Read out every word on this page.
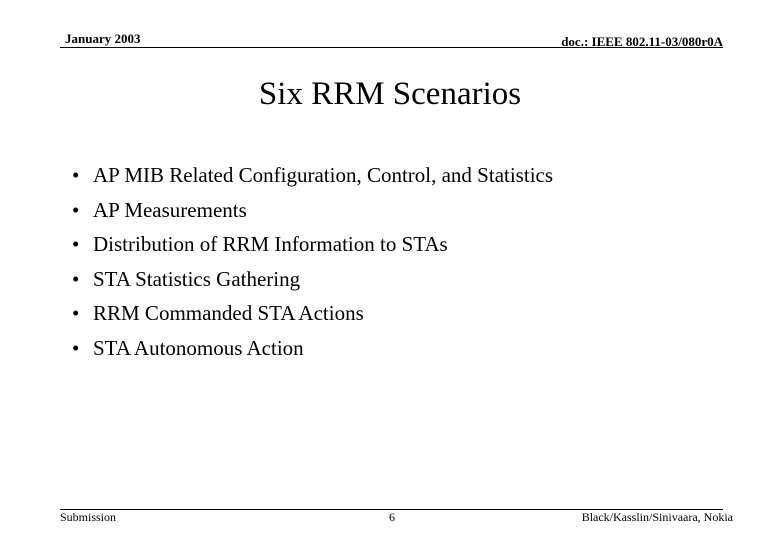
January 2003	doc.: IEEE 802.11-03/080r0A
Six RRM Scenarios
• AP MIB Related Configuration, Control, and Statistics
• AP Measurements
• Distribution of RRM Information to STAs
• STA Statistics Gathering
• RRM Commanded STA Actions
• STA Autonomous Action
Submission	6	Black/Kasslin/Sinivaara, Nokia
